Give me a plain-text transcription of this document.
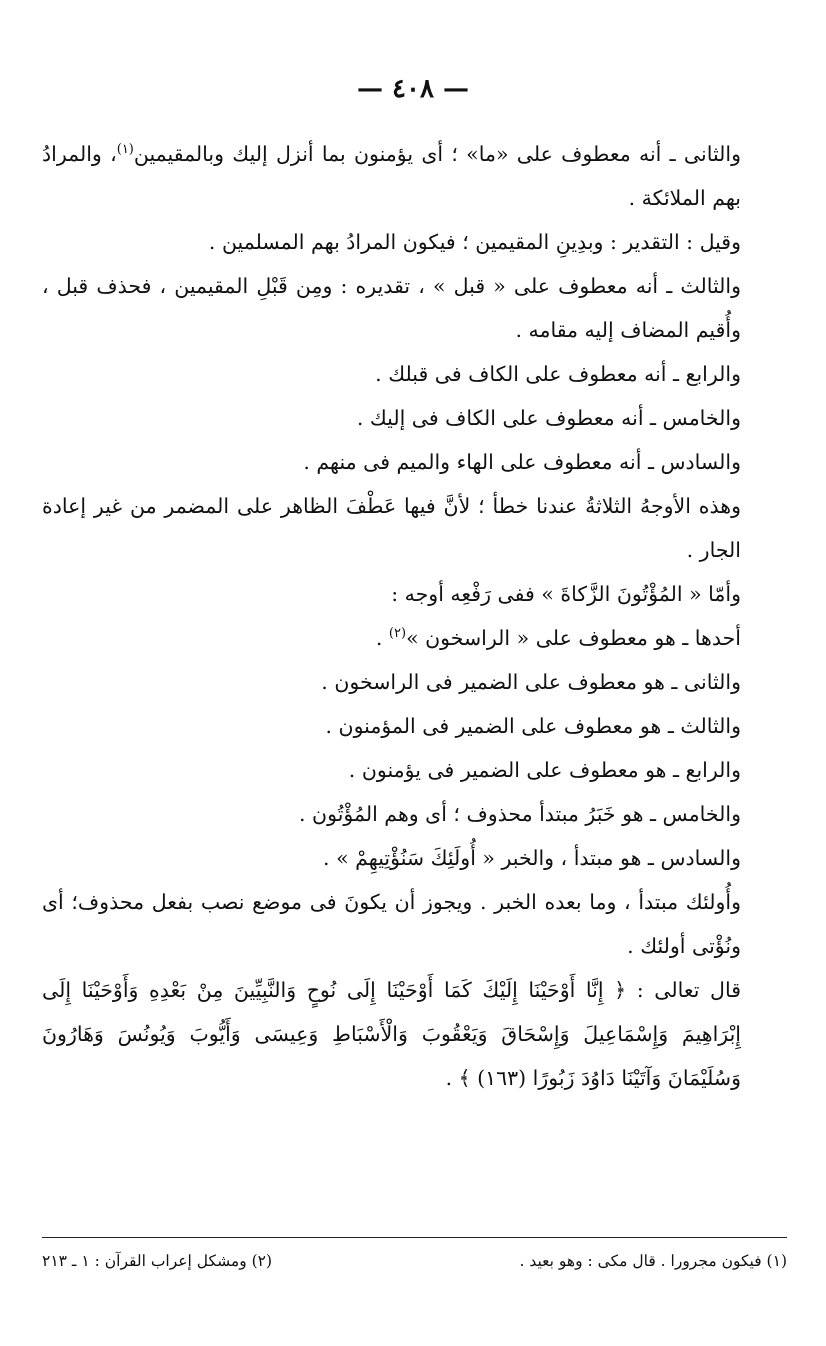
— ٤٠٨ —

والثانى ـ أنه معطوف على «ما» ؛ أى يؤمنون بما أنزل إليك وبالمقيمين$^{(١)}$، والمرادُ بهم الملائكة .

وقيل : التقدير : وبدِينِ المقيمين ؛ فيكون المرادُ بهم المسلمين .

والثالث ـ أنه معطوف على « قبل » ، تقديره : ومِن قَبْلِ المقيمين ، فحذف قبل ، وأُقيم المضاف إليه مقامه .

والرابع ـ أنه معطوف على الكاف فى قبلك .

والخامس ـ أنه معطوف على الكاف فى إليك .

والسادس ـ أنه معطوف على الهاء والميم فى منهم .

وهذه الأوجهُ الثلاثةُ عندنا خطأ ؛ لأنَّ فيها عَطْفَ الظاهر على المضمر من غير إعادة الجار .

وأمّا « المُؤْتُونَ الزَّكاةَ » ففى رَفْعِه أوجه :

أحدها ـ هو معطوف على « الراسخون »$^{(٢)}$ .

والثانى ـ هو معطوف على الضمير فى الراسخون .

والثالث ـ هو معطوف على الضمير فى المؤمنون .

والرابع ـ هو معطوف على الضمير فى يؤمنون .

والخامس ـ هو خَبَرُ مبتدأ محذوف ؛ أى وهم المُؤْتُون .

والسادس ـ هو مبتدأ ، والخبر « أُولَئِكَ سَنُؤْتِيهِمْ » .

وأُولئك مبتدأ ، وما بعده الخبر . ويجوز أن يكونَ فى موضع نصب بفعل محذوف؛ أى ونُؤْتى أولئك .

قال تعالى : ﴿ إِنَّا أَوْحَيْنَا إِلَيْكَ كَمَا أَوْحَيْنَا إِلَى نُوحٍ وَالنَّبِيِّينَ مِنْ بَعْدِهِ وَأَوْحَيْنَا إِلَى إِبْرَاهِيمَ وَإِسْمَاعِيلَ وَإِسْحَاقَ وَيَعْقُوبَ وَالْأَسْبَاطِ وَعِيسَى وَأَيُّوبَ وَيُونُسَ وَهَارُونَ وَسُلَيْمَانَ وَآتَيْنَا دَاوُدَ زَبُورًا (١٦٣) ﴾ .

(١) فيكون مجرورا . قال مكى : وهو بعيد .
(٢) ومشكل إعراب القرآن : ١ ـ ٢١٣
